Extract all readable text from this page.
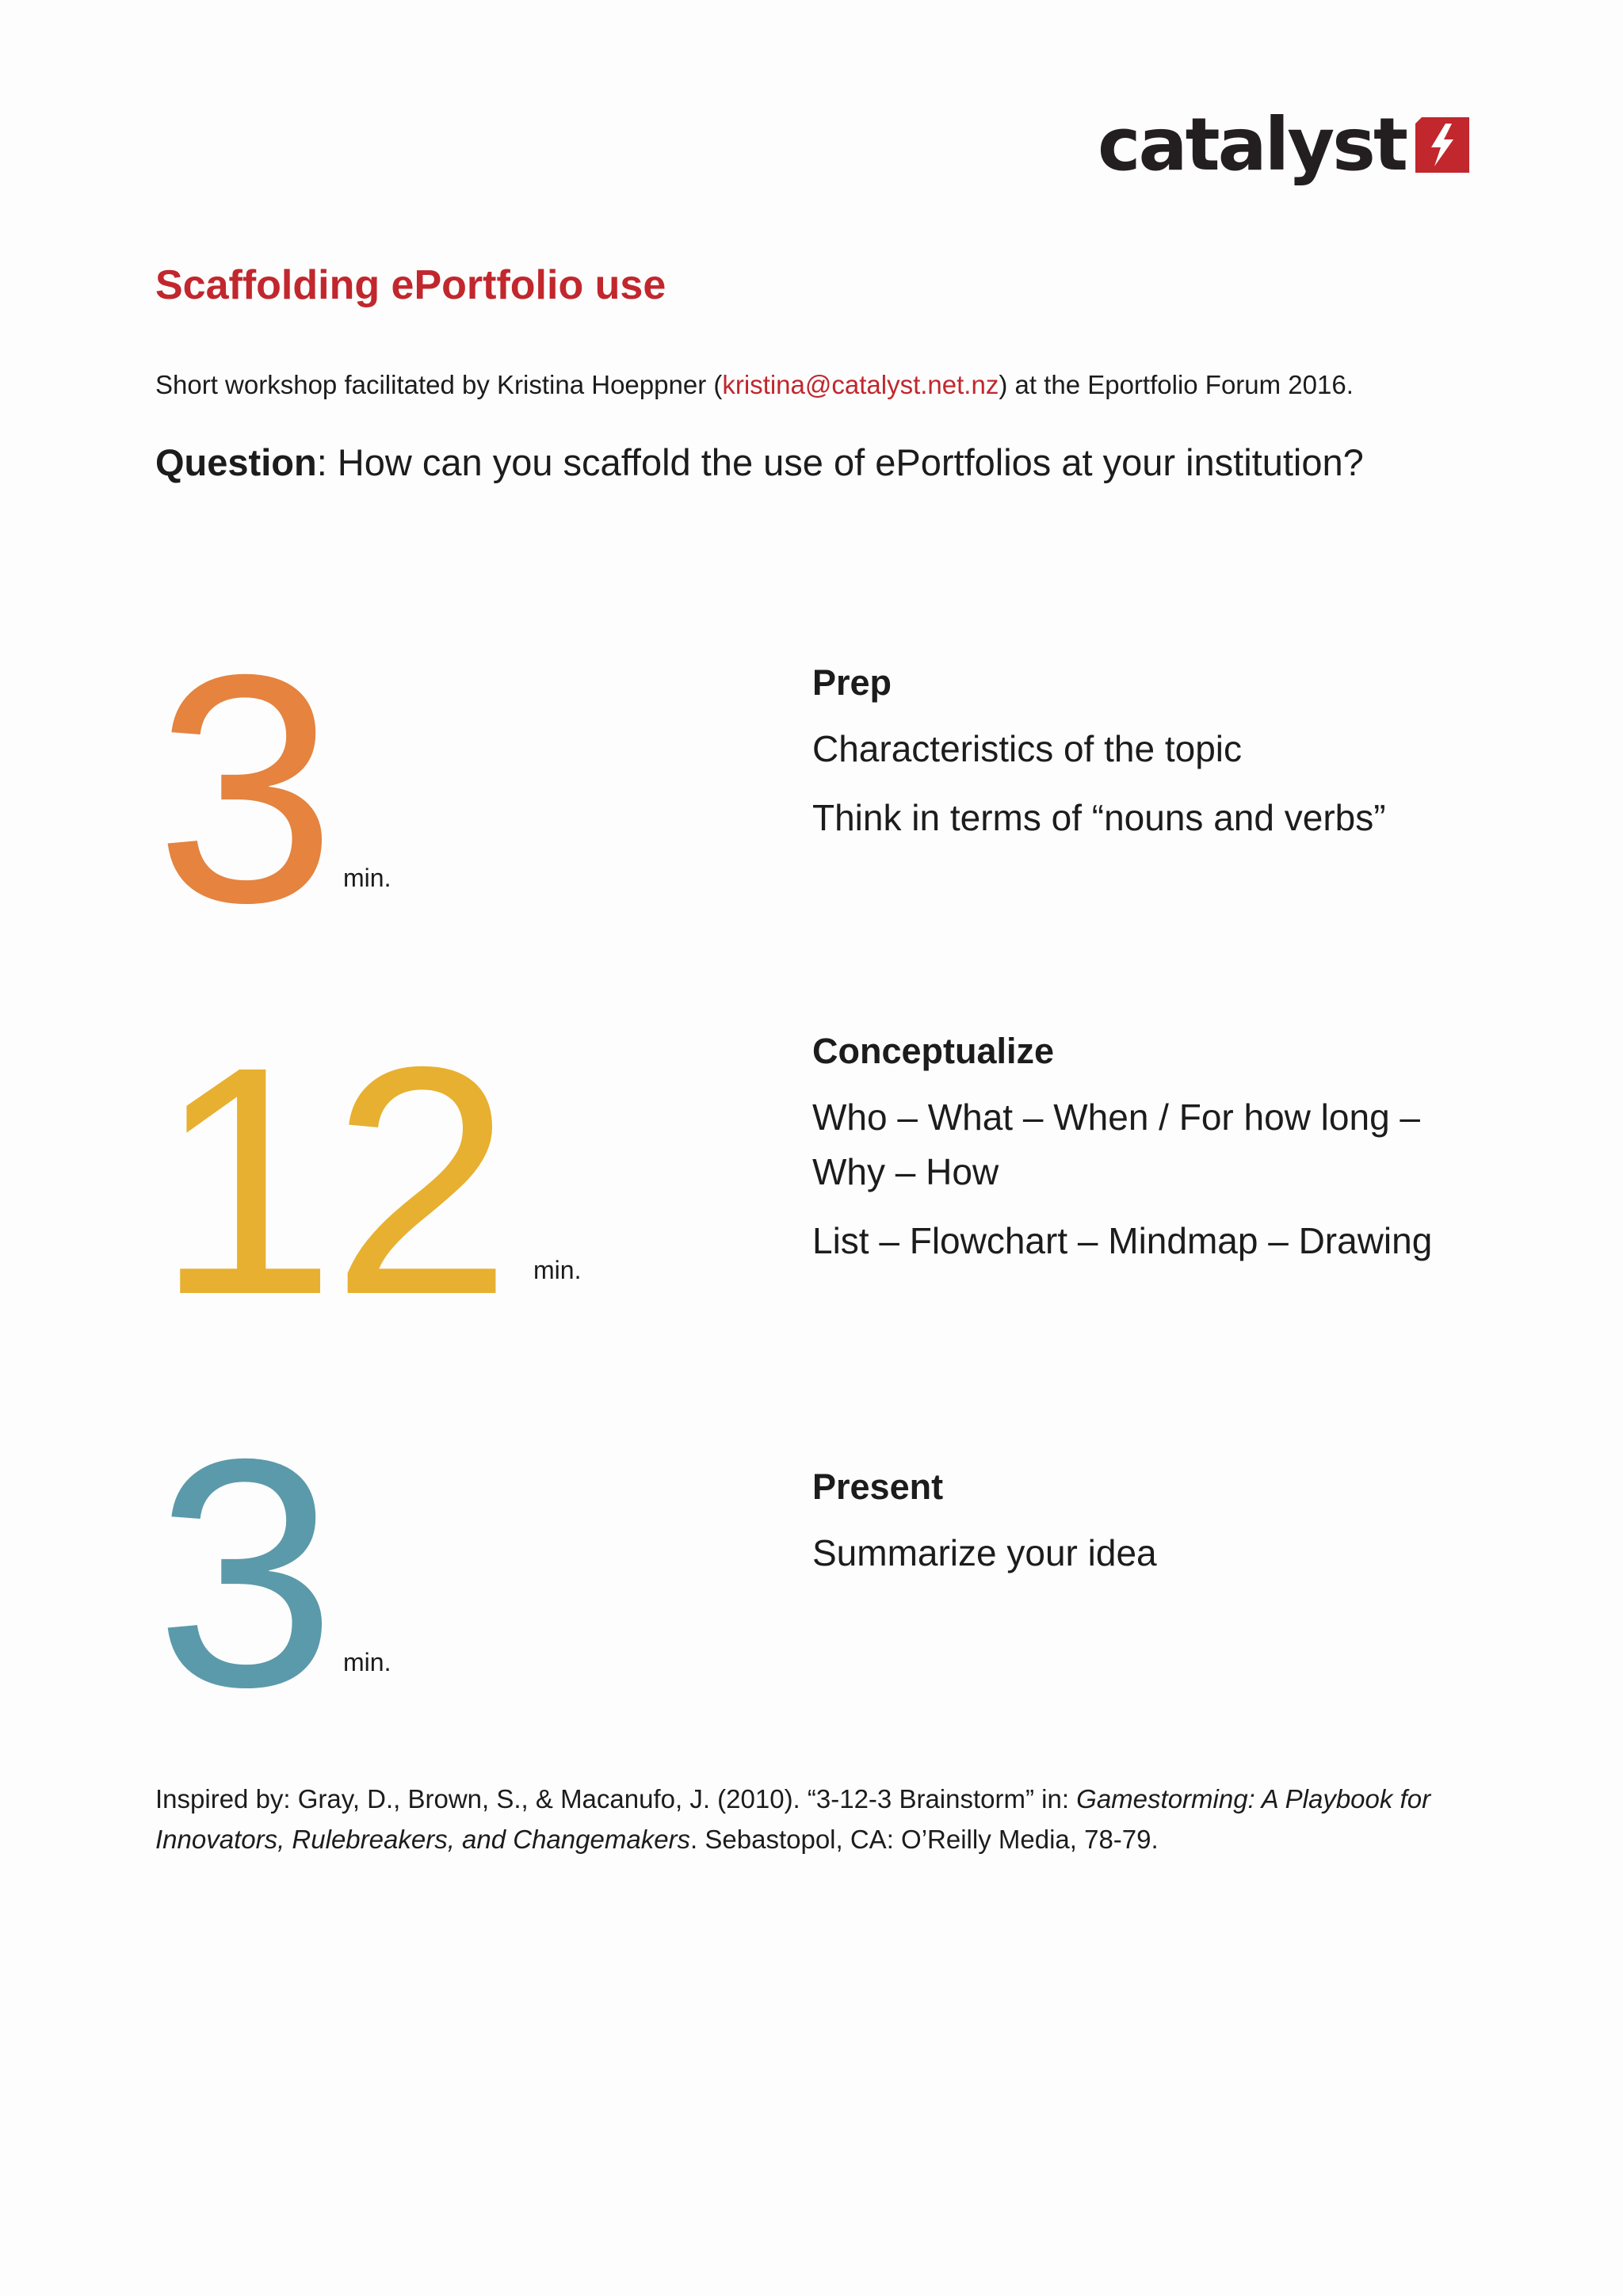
catalyst
Scaffolding ePortfolio use

Short workshop facilitated by Kristina Hoeppner (kristina@catalyst.net.nz) at the Eportfolio Forum 2016.

Question: How can you scaffold the use of ePortfolios at your institution?

3 min.

Prep

Characteristics of the topic

Think in terms of “nouns and verbs”

12 min.

Conceptualize

Who – What – When / For how long – Why – How

List – Flowchart – Mindmap – Drawing

3 min.

Present

Summarize your idea

Inspired by: Gray, D., Brown, S., & Macanufo, J. (2010). “3-12-3 Brainstorm” in: Gamestorming: A Playbook for Innovators, Rulebreakers, and Changemakers. Sebastopol, CA: O’Reilly Media, 78-79.
